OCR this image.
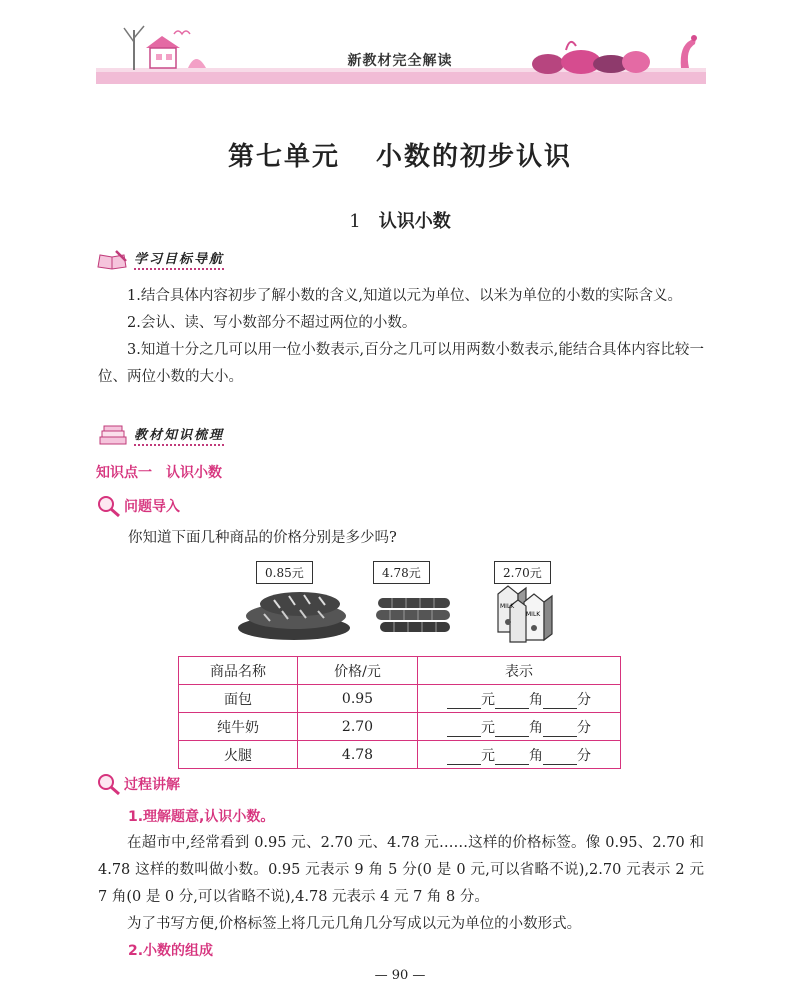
新教材完全解读
第七单元 小数的初步认识
1 认识小数
学习目标导航

1.结合具体内容初步了解小数的含义,知道以元为单位、以米为单位的小数的实际含义。

2.会认、读、写小数部分不超过两位的小数。

3.知道十分之几可以用一位小数表示,百分之几可以用两数小数表示,能结合具体内容比较一位、两位小数的大小。

教材知识梳理
知识点一　认识小数
问题导入
你知道下面几种商品的价格分别是多少吗?
0.85元	4.78元	2.70元
MILK
MILK
商品名称	价格/元	表示
面包	0.95	元 角 分
纯牛奶	2.70	元 角 分
火腿	4.78	元 角 分
过程讲解
1.理解题意,认识小数。

在超市中,经常看到 0.95 元、2.70 元、4.78 元……这样的价格标签。像 0.95、2.70 和 4.78 这样的数叫做小数。0.95 元表示 9 角 5 分(0 是 0 元,可以省略不说),2.70 元表示 2 元 7 角(0 是 0 分,可以省略不说),4.78 元表示 4 元 7 角 8 分。

为了书写方便,价格标签上将几元几角几分写成以元为单位的小数形式。

2.小数的组成
— 90 —
